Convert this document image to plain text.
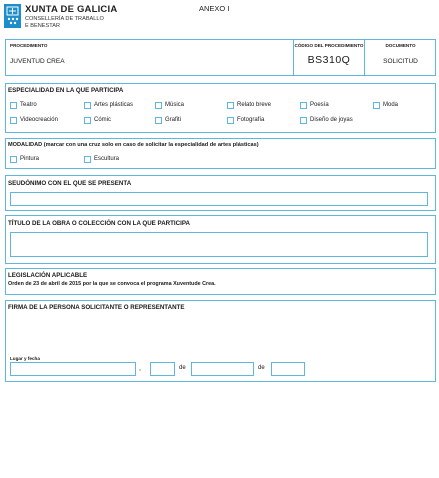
XUNTA DE GALICIA
CONSELLERÍA DE TRABALLO
E BENESTAR
ANEXO I
PROCEDIMENTO
JUVENTUD CREA
CÓDIGO DEL PROCEDIMIENTO
BS310Q
DOCUMENTO
SOLICITUD
ESPECIALIDAD EN LA QUE PARTICIPA
Teatro	Artes plásticas	Música	Relato breve	Poesía	Moda
Videocreación	Cómic	Grafiti	Fotografía	Diseño de joyas
MODALIDAD (marcar con una cruz solo en caso de solicitar la especialidad de artes plásticas)
Pintura	Escultura
SEUDÓNIMO CON EL QUE SE PRESENTA
TÍTULO DE LA OBRA O COLECCIÓN CON LA QUE PARTICIPA
LEGISLACIÓN APLICABLE
Orden de 23 de abril de 2015 por la que se convoca el programa Xuventude Crea.
FIRMA DE LA PERSONA SOLICITANTE O REPRESENTANTE
Lugar y fecha
,	de	de
